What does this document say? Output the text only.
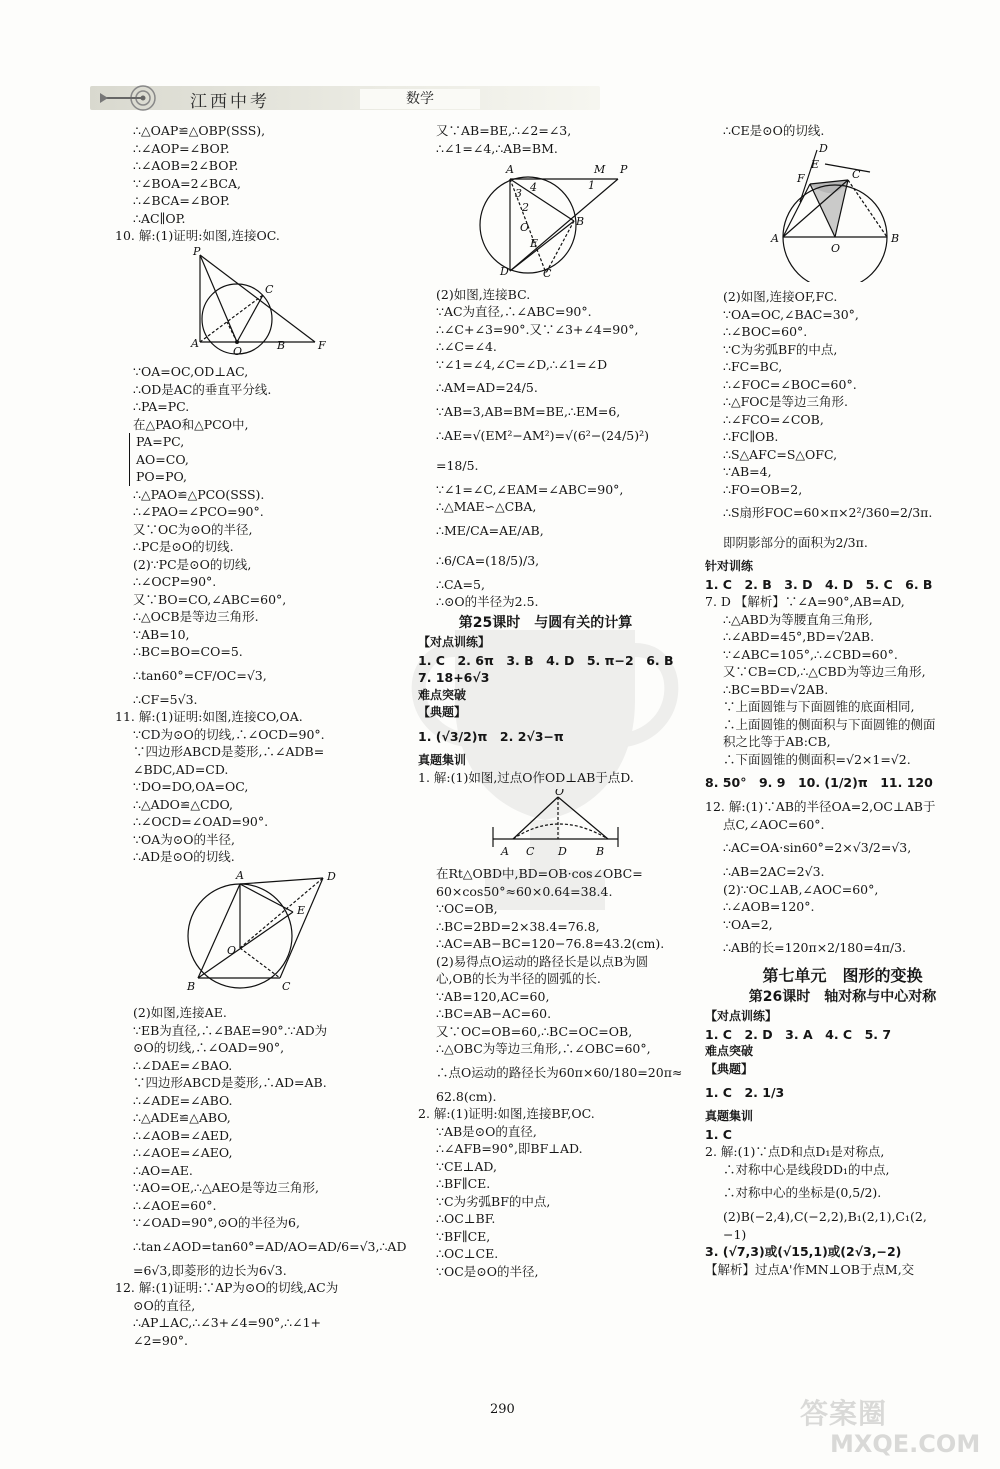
江西中考	数学
∴△OAP≌△OBP(SSS),
∴∠AOP=∠BOP.
∴∠AOB=2∠BOP.
∵∠BOA=2∠BCA,
∴∠BCA=∠BOP.
∴AC∥OP.
10. 解:(1)证明:如图,连接OC.
P
C
A
O	B	F
∵OA=OC,OD⊥AC,
∴OD是AC的垂直平分线.
∴PA=PC.
在△PAO和△PCO中,
PA=PC,
AO=CO,
PO=PO,
∴△PAO≌△PCO(SSS).
∴∠PAO=∠PCO=90°.
又∵OC为⊙O的半径,
∴PC是⊙O的切线.
(2)∵PC是⊙O的切线,
∴∠OCP=90°.
又∵BO=CO,∠ABC=60°,
∴△OCB是等边三角形.
∵AB=10,
∴BC=BO=CO=5.
∴tan60°=CF/OC=√3,
∴CF=5√3.
11. 解:(1)证明:如图,连接CO,OA.
∵CD为⊙O的切线,∴∠OCD=90°.
∵四边形ABCD是菱形,∴∠ADB=
∠BDC,AD=CD.
∵DO=DO,OA=OC,
∴△ADO≌△CDO,
∴∠OCD=∠OAD=90°.
∵OA为⊙O的半径,
∴AD是⊙O的切线.
A	D
E
O
B	C
(2)如图,连接AE.
∵EB为直径,∴∠BAE=90°.∵AD为
⊙O的切线,∴∠OAD=90°,
∴∠DAE=∠BAO.
∵四边形ABCD是菱形,∴AD=AB.
∴∠ADE=∠ABO.
∴△ADE≌△ABO,
∴∠AOB=∠AED,
∴∠AOE=∠AEO,
∴AO=AE.
∵AO=OE,∴△AEO是等边三角形,
∴∠AOE=60°.
∵∠OAD=90°,⊙O的半径为6,
∴tan∠AOD=tan60°=AD/AO=AD/6=√3,∴AD
=6√3,即菱形的边长为6√3.
12. 解:(1)证明:∵AP为⊙O的切线,AC为
⊙O的直径,
∴AP⊥AC,∴∠3+∠4=90°,∴∠1+
∠2=90°.
又∵AB=BE,∴∠2=∠3,
∴∠1=∠4,∴AB=BM.
A	M P
3 4	1
2
B
O
E
D	C
(2)如图,连接BC.
∵AC为直径,∴∠ABC=90°.
∴∠C+∠3=90°.又∵∠3+∠4=90°,
∴∠C=∠4.
∵∠1=∠4,∠C=∠D,∴∠1=∠D
∴AM=AD=24/5.
∵AB=3,AB=BM=BE,∴EM=6,
∴AE=√(EM²−AM²)=√(6²−(24/5)²)
=18/5.
∵∠1=∠C,∠EAM=∠ABC=90°,
∴△MAE∽△CBA,
∴ME/CA=AE/AB,
∴6/CA=(18/5)/3,
∴CA=5,
∴⊙O的半径为2.5.
第25课时　与圆有关的计算
【对点训练】
1. C　2. 6π　3. B　4. D　5. π−2　6. B
7. 18+6√3
难点突破
【典题】
1. (√3/2)π　2. 2√3−π
真题集训
1. 解:(1)如图,过点O作OD⊥AB于点D.
A C D	B
O
在Rt△OBD中,BD=OB·cos∠OBC=
60×cos50°≈60×0.64=38.4.
∵OC=OB,
∴BC=2BD=2×38.4=76.8,
∴AC=AB−BC=120−76.8=43.2(cm).
(2)易得点O运动的路径长是以点B为圆
心,OB的长为半径的圆弧的长.
∵AB=120,AC=60,
∴BC=AB−AC=60.
又∵OC=OB=60,∴BC=OC=OB,
∴△OBC为等边三角形,∴∠OBC=60°,
∴点O运动的路径长为60π×60/180=20π≈
62.8(cm).
2. 解:(1)证明:如图,连接BF,OC.
∵AB是⊙O的直径,
∴∠AFB=90°,即BF⊥AD.
∵CE⊥AD,
∴BF∥CE.
∵C为劣弧BF的中点,
∴OC⊥BF.
∵BF∥CE,
∴OC⊥CE.
∵OC是⊙O的半径,
∴CE是⊙O的切线.
D
E
F	C
A
O
B
(2)如图,连接OF,FC.
∵OA=OC,∠BAC=30°,
∴∠BOC=60°.
∵C为劣弧BF的中点,
∴FC=BC,
∴∠FOC=∠BOC=60°.
∴△FOC是等边三角形.
∴∠FCO=∠COB,
∴FC∥OB.
∴S△AFC=S△OFC,
∵AB=4,
∴FO=OB=2,
∴S扇形FOC=60×π×2²/360=2/3π.
即阴影部分的面积为2/3π.
针对训练
1. C　2. B　3. D　4. D　5. C　6. B
7. D 【解析】∵∠A=90°,AB=AD,
∴△ABD为等腰直角三角形,
∴∠ABD=45°,BD=√2AB.
∵∠ABC=105°,∴∠CBD=60°.
又∵CB=CD,∴△CBD为等边三角形,
∴BC=BD=√2AB.
∵上面圆锥与下面圆锥的底面相同,
∴上面圆锥的侧面积与下面圆锥的侧面
积之比等于AB:CB,
∴下面圆锥的侧面积=√2×1=√2.
8. 50°　9. 9　10. (1/2)π　11. 120
12. 解:(1)∵AB的半径OA=2,OC⊥AB于
点C,∠AOC=60°.
∴AC=OA·sin60°=2×√3/2=√3,
∴AB=2AC=2√3.
(2)∵OC⊥AB,∠AOC=60°,
∴∠AOB=120°.
∵OA=2,
∴AB的长=120π×2/180=4π/3.
第七单元　图形的变换
第26课时　轴对称与中心对称
【对点训练】
1. C　2. D　3. A　4. C　5. 7
难点突破
【典题】
1. C　2. 1/3
真题集训
1. C
2. 解:(1)∵点D和点D₁是对称点,
∴对称中心是线段DD₁的中点,
∴对称中心的坐标是(0,5/2).
(2)B(−2,4),C(−2,2),B₁(2,1),C₁(2,
−1)
3. (√7,3)或(√15,1)或(2√3,−2)
【解析】过点A'作MN⊥OB于点M,交
290	答案圈
MXQE.COM
